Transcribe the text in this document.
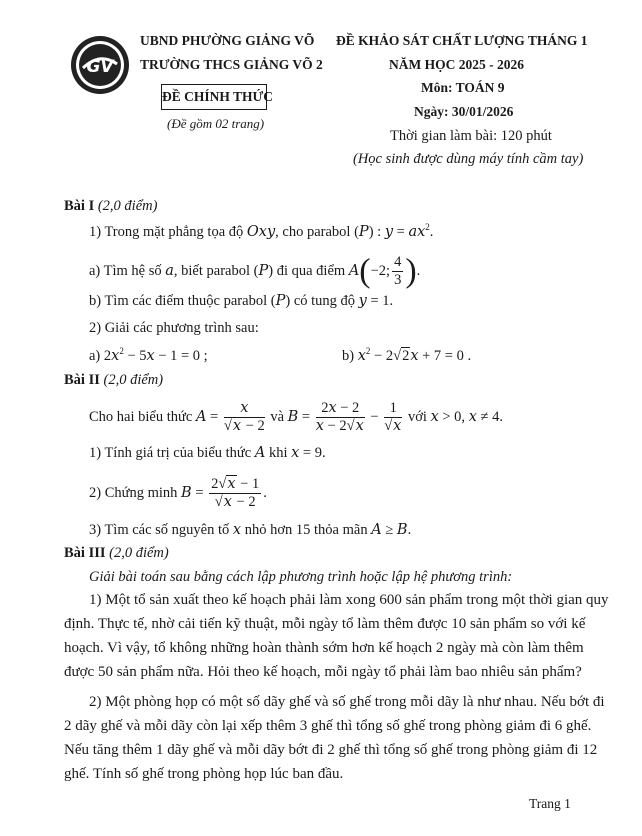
GV
UBND PHƯỜNG GIẢNG VÕ
TRƯỜNG THCS GIẢNG VÕ 2
ĐỀ CHÍNH THỨC
(Đề gồm 02 trang)
ĐỀ KHẢO SÁT CHẤT LƯỢNG THÁNG 1
NĂM HỌC 2025 - 2026
Môn: TOÁN 9
Ngày: 30/01/2026
Thời gian làm bài: 120 phút
(Học sinh được dùng máy tính cầm tay)
Bài I (2,0 điểm)
1) Trong mặt phẳng tọa độ Oxy, cho parabol (P) : $y = ax^2$.
a) Tìm hệ số a, biết parabol (P) đi qua điểm A(−2; $\frac{4}{3}$ ).
b) Tìm các điểm thuộc parabol (P) có tung độ y = 1.
2) Giải các phương trình sau:
a) $2x^2 - 5x - 1 = 0$ ;	b) $x^2 - 2√2x + 7 = 0$ .
Bài II (2,0 điểm)
Cho hai biểu thức $A = \frac{x}{√x - 2}$ và $B = \frac{2x - 2}{x - 2√x} - \frac{1}{√x}$ với x > 0, x ≠ 4.
1) Tính giá trị của biểu thức A khi x = 9.
2) Chứng minh $B = \frac{2√x - 1}{√x - 2}$ .
3) Tìm các số nguyên tố x nhỏ hơn 15 thỏa mãn A ≥ B.
Bài III (2,0 điểm)
Giải bài toán sau bằng cách lập phương trình hoặc lập hệ phương trình:
1) Một tổ sản xuất theo kế hoạch phải làm xong 600 sản phẩm trong một thời gian quy
định. Thực tế, nhờ cải tiến kỹ thuật, mỗi ngày tổ làm thêm được 10 sản phẩm so với kế
hoạch. Vì vậy, tổ không những hoàn thành sớm hơn kế hoạch 2 ngày mà còn làm thêm
được 50 sản phẩm nữa. Hỏi theo kế hoạch, mỗi ngày tổ phải làm bao nhiêu sản phẩm?
2) Một phòng họp có một số dãy ghế và số ghế trong mỗi dãy là như nhau. Nếu bớt đi
2 dãy ghế và mỗi dãy còn lại xếp thêm 3 ghế thì tổng số ghế trong phòng giảm đi 6 ghế.
Nếu tăng thêm 1 dãy ghế và mỗi dãy bớt đi 2 ghế thì tổng số ghế trong phòng giảm đi 12
ghế. Tính số ghế trong phòng họp lúc ban đầu.
Trang 1
